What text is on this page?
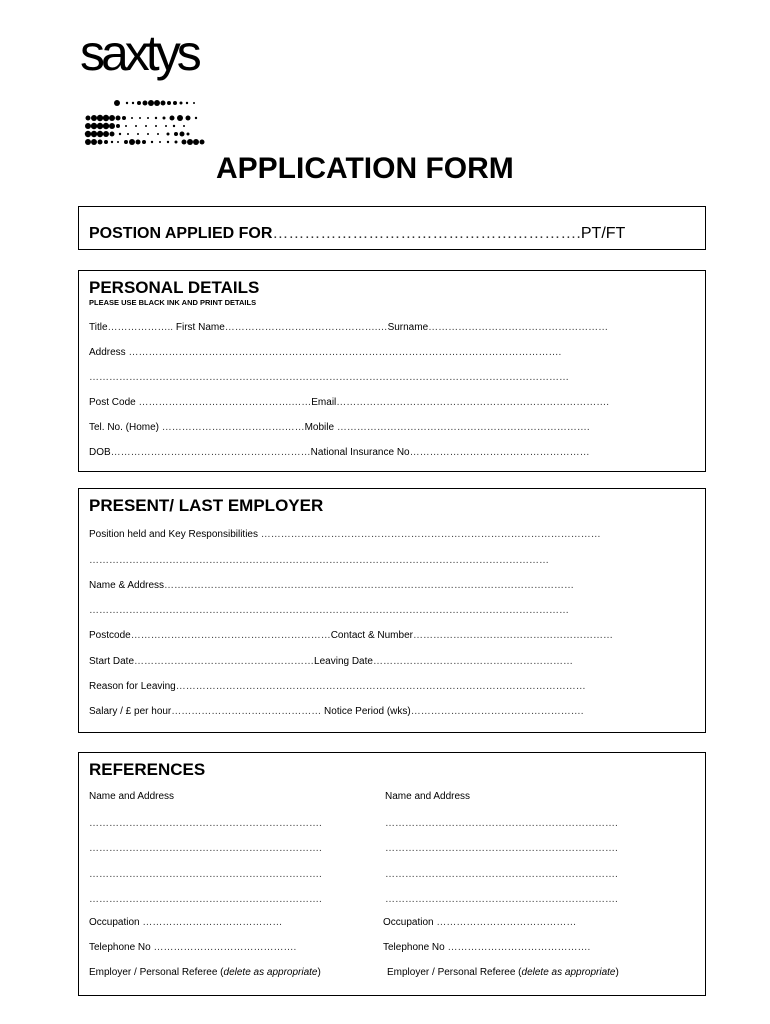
saxtys
APPLICATION FORM
POSTION APPLIED FOR………………………………………………….PT/FT
PERSONAL DETAILS
PLEASE USE BLACK INK AND PRINT DETAILS
Title……………….. First Name……………………………………….…Surname………………………………………………
Address ………………………………………………………………………………………………………………….
………………………………………………………………………………………………………………………………
Post Code ……………………………………….……Email……………………………………………………………………….
Tel. No. (Home) ……………………………….……Mobile ………………………………………………………………….
DOB……………………………………………………National Insurance No………………………………………………
PRESENT/ LAST EMPLOYER
Position held and Key Responsibilities …………………………………………………………………………………………
…………………………………………………………………………………………………………………………
Name & Address……………………………………………………………………………………………………………
………………………………………………………………………………………………………………………………
Postcode……………………………………………………Contact & Number……………………………………………………
Start Date………………………………………………Leaving Date……………………………………………………
Reason for Leaving……………………………………………………………………………………………………………
Salary / £ per hour……………………………………… Notice Period (wks)…………………………………………….
REFERENCES
Name and Address
…………………………………………………………….
…………………………………………………………….
…………………………………………………………….
…………………………………………………………….
Occupation ……………………………………
Telephone No …………………………………….
Employer / Personal Referee (delete as appropriate)
Name and Address
…………………………………………………………….
…………………………………………………………….
…………………………………………………………….
…………………………………………………………….
Occupation ……………………………………
Telephone No …………………………………….
Employer / Personal Referee (delete as appropriate)
